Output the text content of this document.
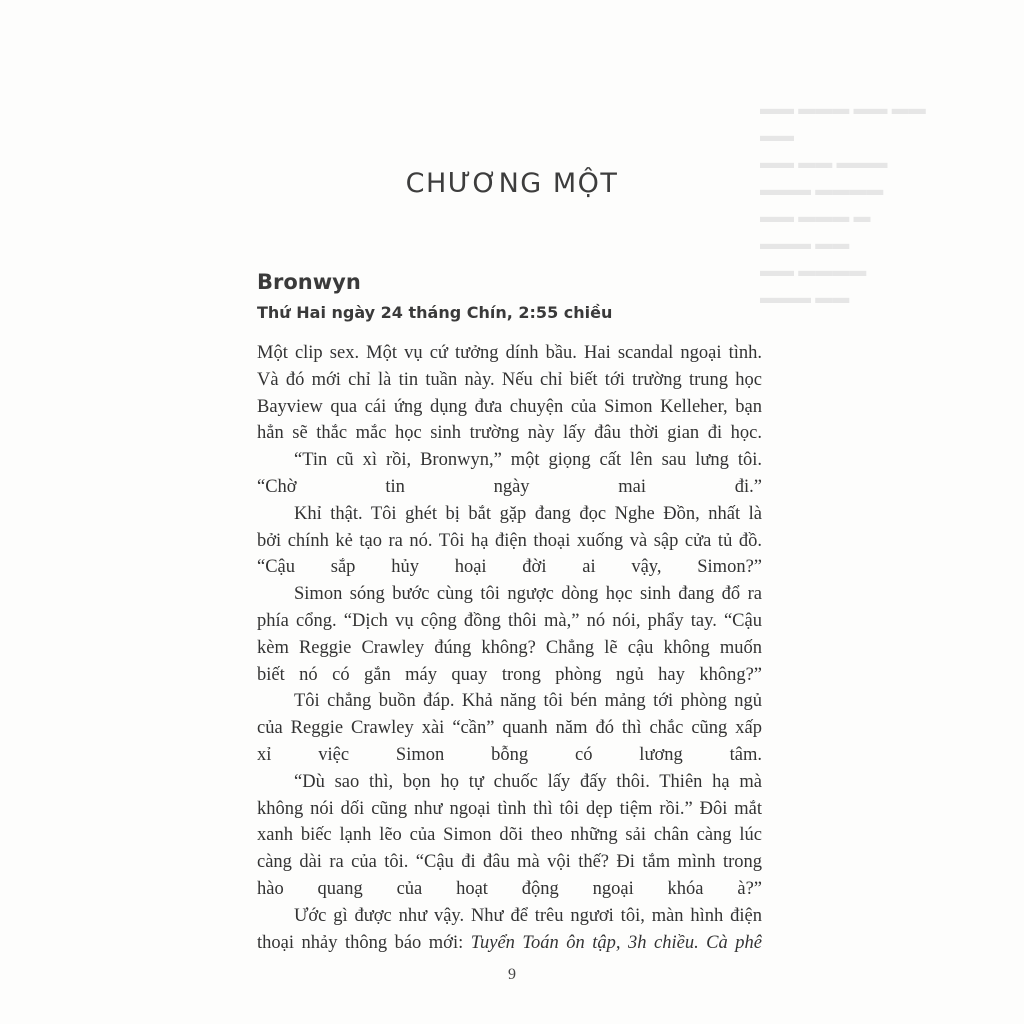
▬▬ ▬▬▬ ▬▬ ▬▬
▬▬
▬▬ ▬▬ ▬▬▬
▬▬▬ ▬▬▬▬
▬▬ ▬▬▬ ▬
▬▬▬ ▬▬
▬▬ ▬▬▬▬
▬▬▬ ▬▬
CHƯƠNG MỘT
Bronwyn
Thứ Hai ngày 24 tháng Chín, 2:55 chiều
Một clip sex. Một vụ cứ tưởng dính bầu. Hai scandal ngoại tình.
Và đó mới chỉ là tin tuần này. Nếu chỉ biết tới trường trung học
Bayview qua cái ứng dụng đưa chuyện của Simon Kelleher, bạn
hẳn sẽ thắc mắc học sinh trường này lấy đâu thời gian đi học.
“Tin cũ xì rồi, Bronwyn,” một giọng cất lên sau lưng tôi.
“Chờ tin ngày mai đi.”
Khỉ thật. Tôi ghét bị bắt gặp đang đọc Nghe Đồn, nhất là
bởi chính kẻ tạo ra nó. Tôi hạ điện thoại xuống và sập cửa tủ đồ.
“Cậu sắp hủy hoại đời ai vậy, Simon?”
Simon sóng bước cùng tôi ngược dòng học sinh đang đổ ra
phía cổng. “Dịch vụ cộng đồng thôi mà,” nó nói, phẩy tay. “Cậu
kèm Reggie Crawley đúng không? Chẳng lẽ cậu không muốn
biết nó có gắn máy quay trong phòng ngủ hay không?”
Tôi chẳng buồn đáp. Khả năng tôi bén mảng tới phòng ngủ
của Reggie Crawley xài “cần” quanh năm đó thì chắc cũng xấp
xỉ việc Simon bỗng có lương tâm.
“Dù sao thì, bọn họ tự chuốc lấy đấy thôi. Thiên hạ mà
không nói dối cũng như ngoại tình thì tôi dẹp tiệm rồi.” Đôi mắt
xanh biếc lạnh lẽo của Simon dõi theo những sải chân càng lúc
càng dài ra của tôi. “Cậu đi đâu mà vội thế? Đi tắm mình trong
hào quang của hoạt động ngoại khóa à?”
Ước gì được như vậy. Như để trêu ngươi tôi, màn hình điện
thoại nhảy thông báo mới: Tuyển Toán ôn tập, 3h chiều. Cà phê
9
